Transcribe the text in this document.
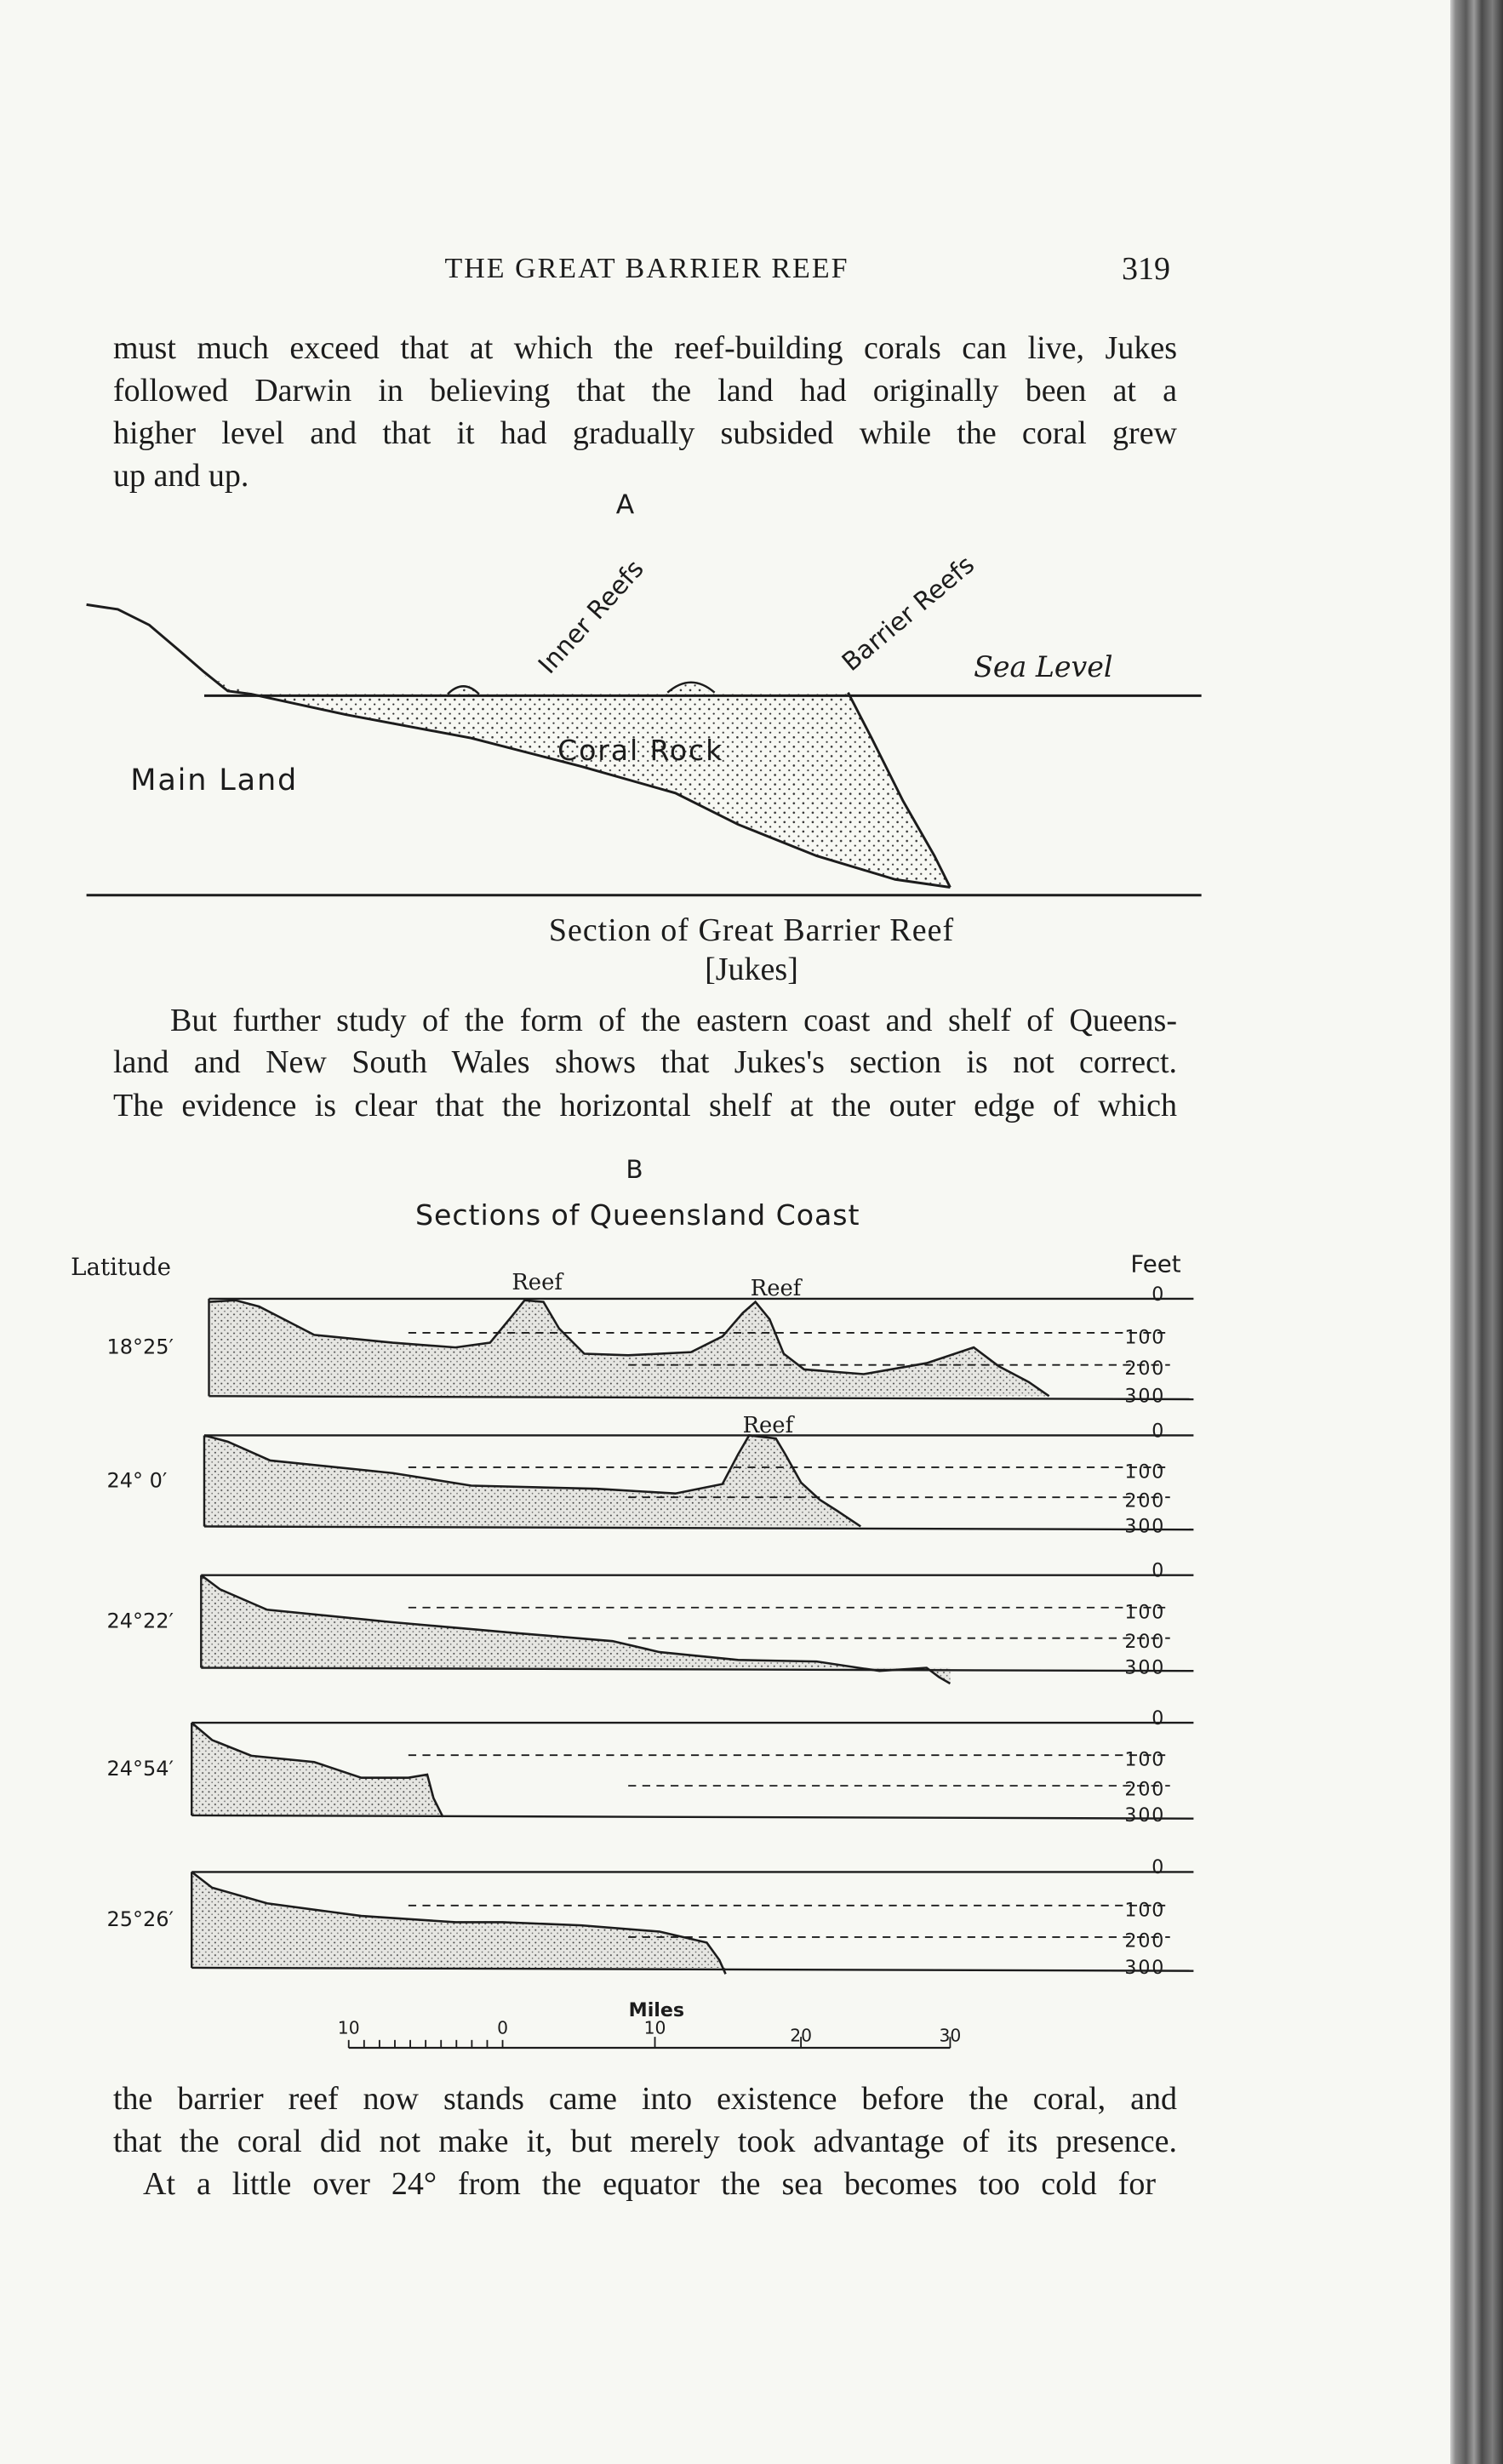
THE GREAT BARRIER REEF	319
must much exceed that at which the reef-building corals can live, Jukes
followed Darwin in believing that the land had originally been at a
higher level and that it had gradually subsided while the coral grew
up and up.
Section of Great Barrier Reef
[Jukes]
But further study of the form of the eastern coast and shelf of Queens-
land and New South Wales shows that Jukes's section is not correct.
The evidence is clear that the horizontal shelf at the outer edge of which
the barrier reef now stands came into existence before the coral, and
that the coral did not make it, but merely took advantage of its presence.
At a little over 24° from the equator the sea becomes too cold for
A
Inner Reefs	Barrier Reefs
Sea Level
Coral Rock
Main Land
B
Sections of Queensland Coast
Latitude	Feet
0
100
200
300
18°25′
Reef	Reef
0
100
200
300
24° 0′
Reef
0
100
200
300
24°22′
0
100
200
300
24°54′
0
100
200
300
25°26′
Miles
10	0	10	20	30
